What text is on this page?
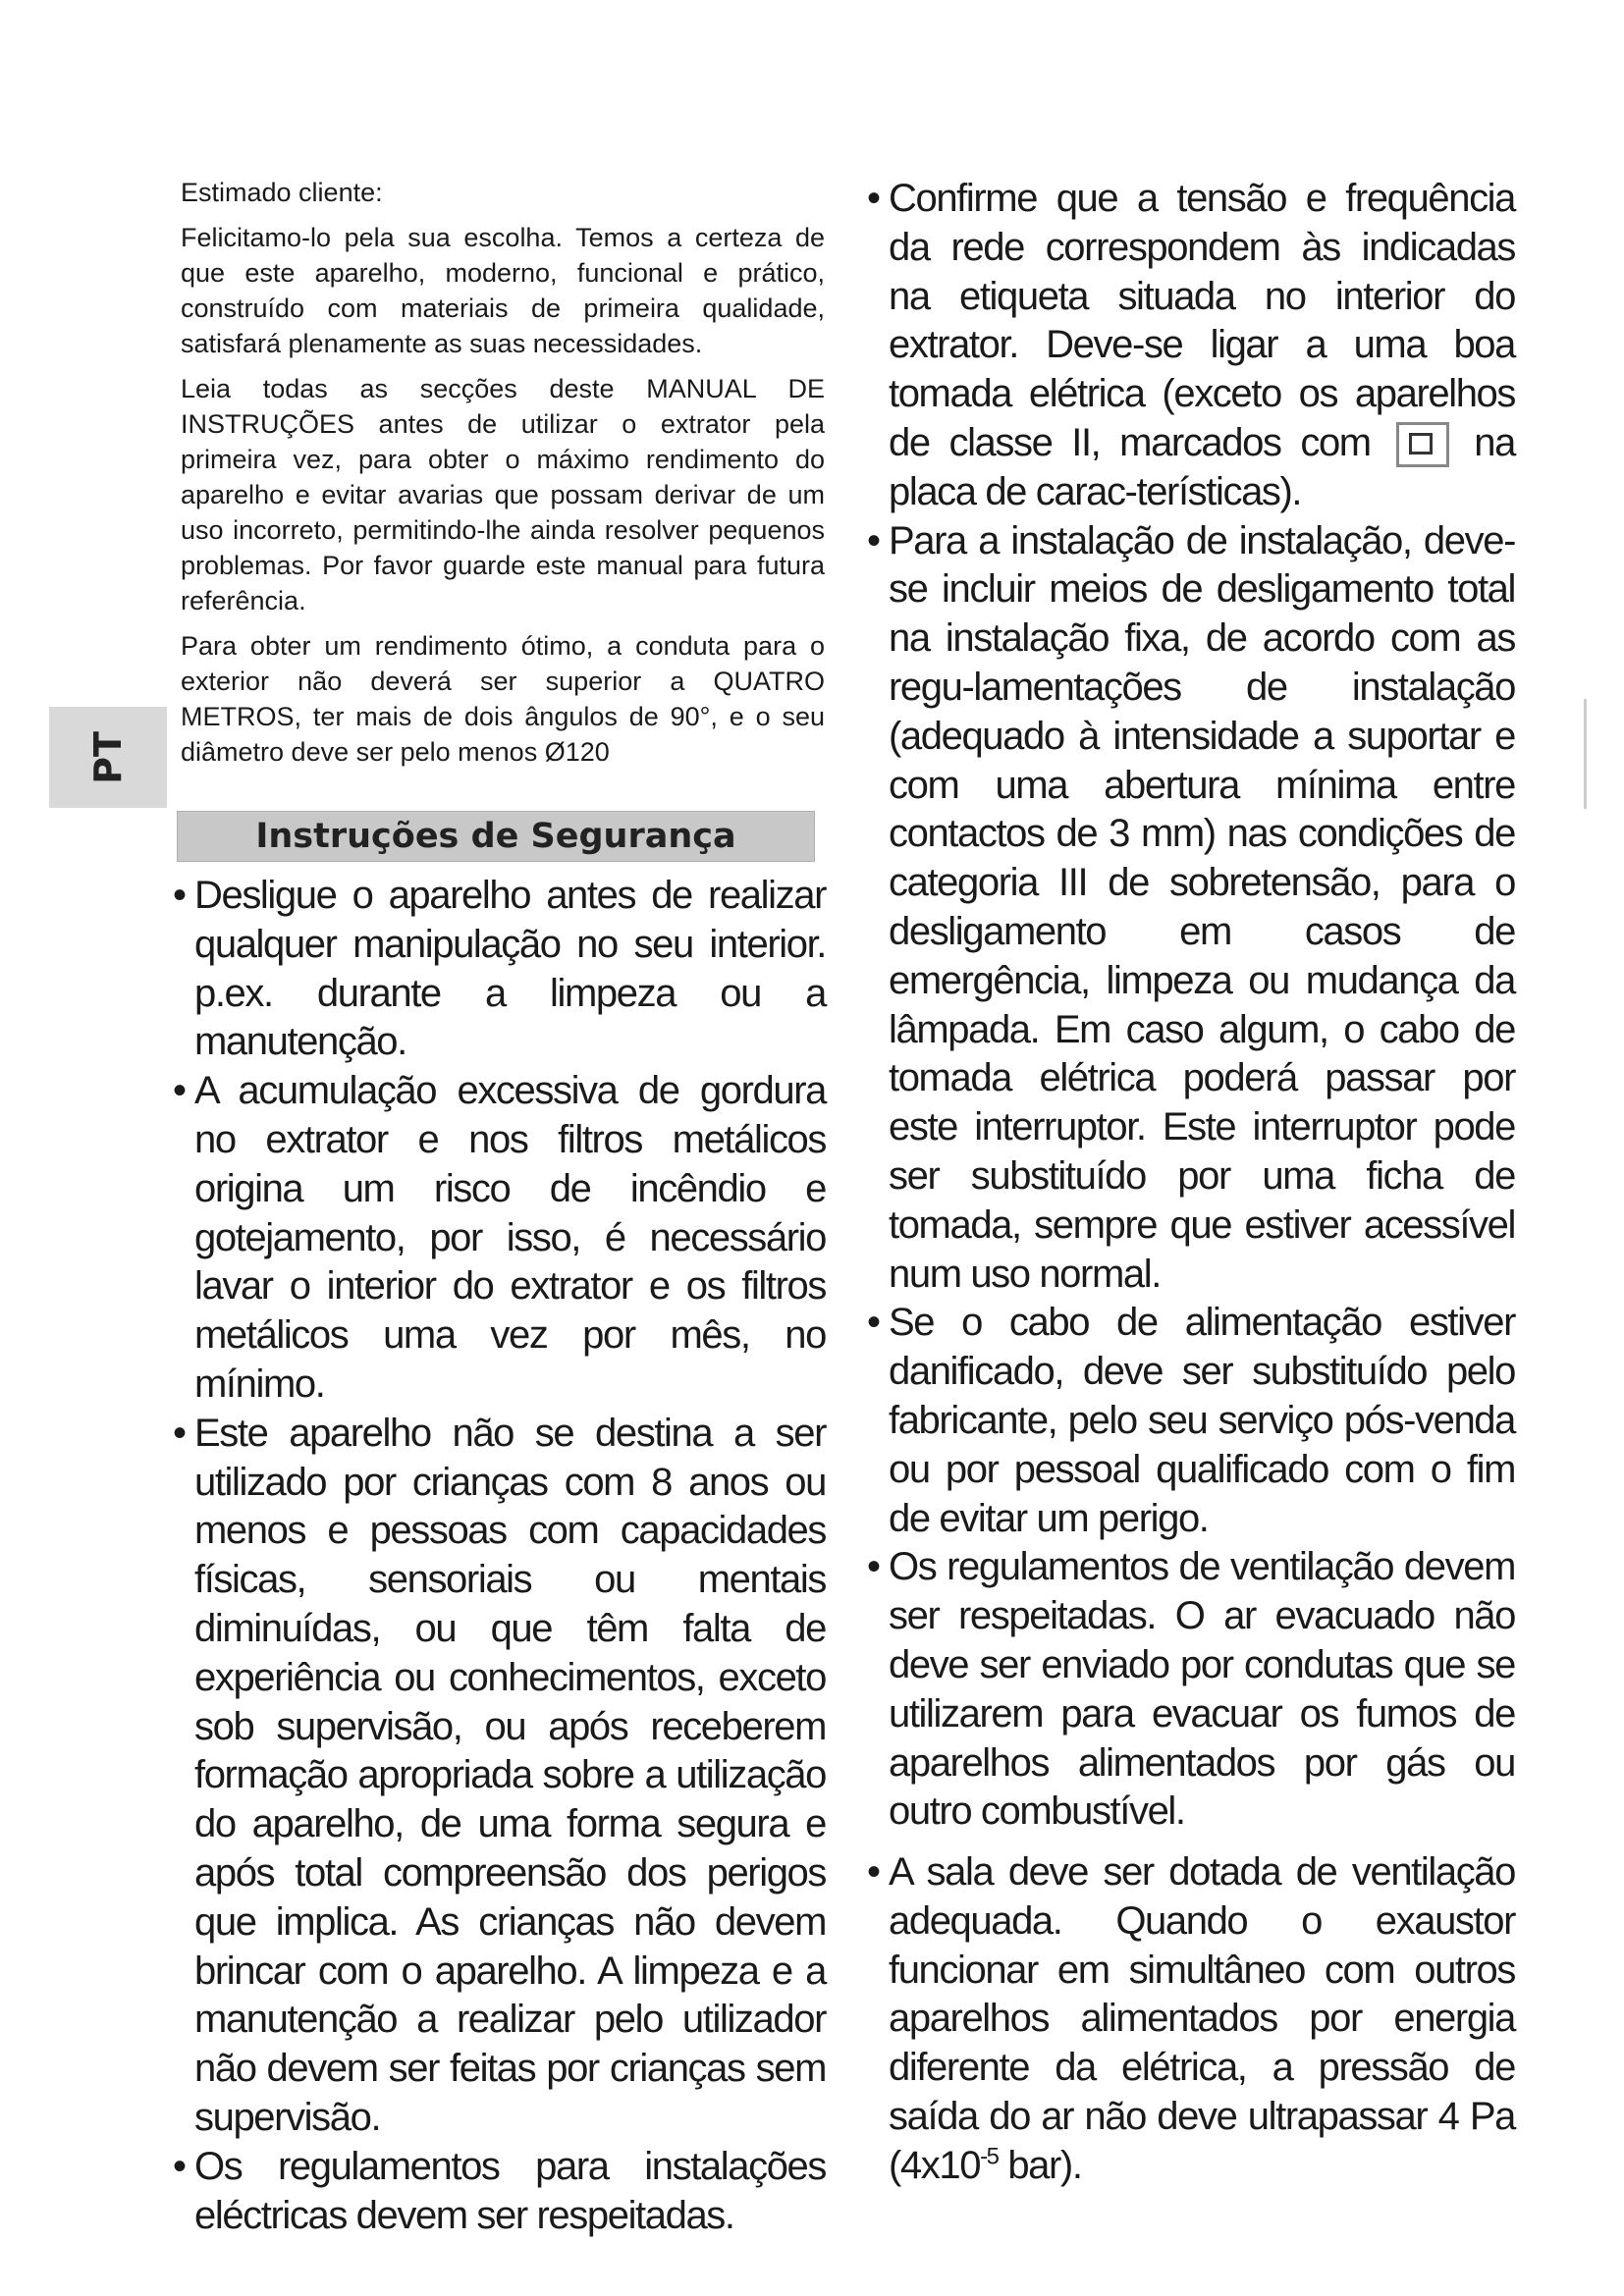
PT

Estimado cliente:

Felicitamo-lo pela sua escolha. Temos a certeza de que este aparelho, moderno, funcional e prático, construído com materiais de primeira qualidade, satisfará plenamente as suas necessidades.

Leia todas as secções deste MANUAL DE INSTRUÇÕES antes de utilizar o extrator pela primeira vez, para obter o máximo rendimento do aparelho e evitar avarias que possam derivar de um uso incorreto, permitindo-lhe ainda resolver pequenos problemas. Por favor guarde este manual para futura referência.

Para obter um rendimento ótimo, a conduta para o exterior não deverá ser superior a QUATRO METROS, ter mais de dois ângulos de 90°, e o seu diâmetro deve ser pelo menos Ø120

Instruções de Segurança
• Desligue o aparelho antes de realizar qualquer manipulação no seu interior. p.ex. durante a limpeza ou a manutenção.
• A acumulação excessiva de gordura no extrator e nos filtros metálicos origina um risco de incêndio e gotejamento, por isso, é necessário lavar o interior do extrator e os filtros metálicos uma vez por mês, no mínimo.
• Este aparelho não se destina a ser utilizado por crianças com 8 anos ou menos e pessoas com capacidades físicas, sensoriais ou mentais diminuídas, ou que têm falta de experiência ou conhecimentos, exceto sob supervisão, ou após receberem formação apropriada sobre a utilização do aparelho, de uma forma segura e após total compreensão dos perigos que implica. As crianças não devem brincar com o aparelho. A limpeza e a manutenção a realizar pelo utilizador não devem ser feitas por crianças sem supervisão.
• Os regulamentos para instalações eléctricas devem ser respeitadas.
• Confirme que a tensão e frequência da rede correspondem às indicadas na etiqueta situada no interior do extrator. Deve-se ligar a uma boa tomada elétrica (exceto os aparelhos de classe II, marcados com	na placa de carac-terísticas).
• Para a instalação de instalação, deve-se incluir meios de desligamento total na instalação fixa, de acordo com as regu-lamentações de instalação (adequado à intensidade a suportar e com uma abertura mínima entre contactos de 3 mm) nas condições de categoria III de sobretensão, para o desligamento em casos de emergência, limpeza ou mudança da lâmpada. Em caso algum, o cabo de tomada elétrica poderá passar por este interruptor. Este interruptor pode ser substituído por uma ficha de tomada, sempre que estiver acessível num uso normal.
• Se o cabo de alimentação estiver danificado, deve ser substituído pelo fabricante, pelo seu serviço pós-venda ou por pessoal qualificado com o fim de evitar um perigo.
• Os regulamentos de ventilação devem ser respeitadas. O ar evacuado não deve ser enviado por condutas que se utilizarem para evacuar os fumos de aparelhos alimentados por gás ou outro combustível.
• A sala deve ser dotada de ventilação adequada. Quando o exaustor funcionar em simultâneo com outros aparelhos alimentados por energia diferente da elétrica, a pressão de saída do ar não deve ultrapassar 4 Pa ($4x10^{-5}$ bar).
